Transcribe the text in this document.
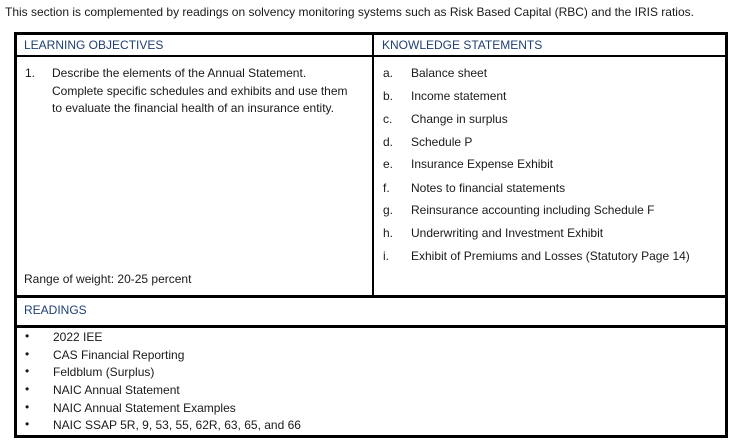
This section is complemented by readings on solvency monitoring systems such as Risk Based Capital (RBC) and the IRIS ratios.
LEARNING OBJECTIVES	KNOWLEDGE STATEMENTS
1. Describe the elements of the Annual Statement.
Complete specific schedules and exhibits and use them
to evaluate the financial health of an insurance entity.
Range of weight: 20-25 percent
a. Balance sheet
b. Income statement
c. Change in surplus
d. Schedule P
e. Insurance Expense Exhibit
f. Notes to financial statements
g. Reinsurance accounting including Schedule F
h. Underwriting and Investment Exhibit
i. Exhibit of Premiums and Losses (Statutory Page 14)
READINGS
• 2022 IEE
• CAS Financial Reporting
• Feldblum (Surplus)
• NAIC Annual Statement
• NAIC Annual Statement Examples
• NAIC SSAP 5R, 9, 53, 55, 62R, 63, 65, and 66
